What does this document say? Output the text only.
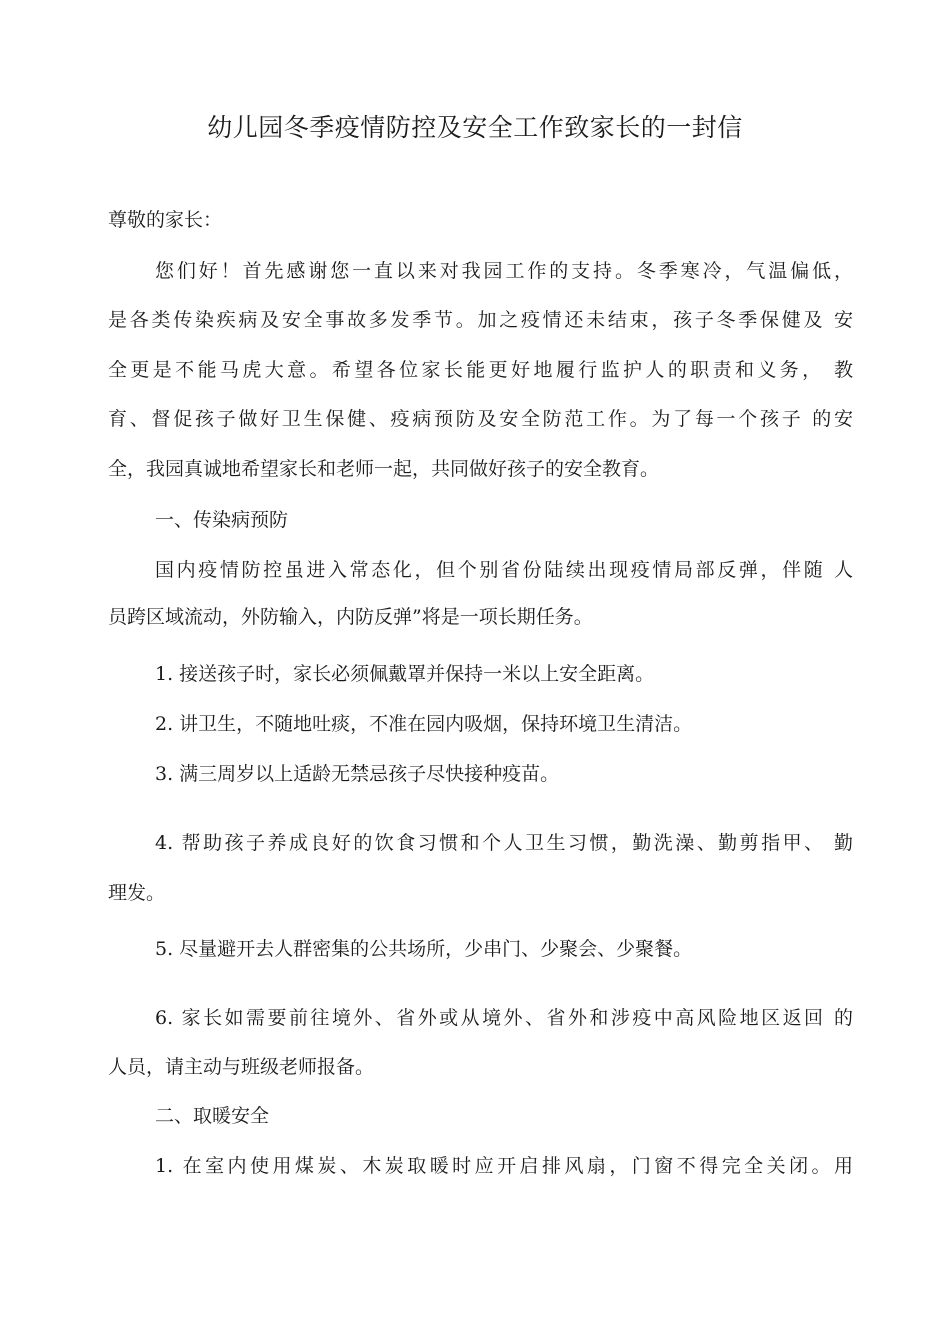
幼儿园冬季疫情防控及安全工作致家长的一封信
尊敬的家长：
您们好！首先感谢您一直以来对我园工作的支持。冬季寒冷，气温偏低，
是各类传染疾病及安全事故多发季节。加之疫情还未结束，孩子冬季保健及 安
全更是不能马虎大意。希望各位家长能更好地履行监护人的职责和义务， 教
育、督促孩子做好卫生保健、疫病预防及安全防范工作。为了每一个孩子 的安
全，我园真诚地希望家长和老师一起，共同做好孩子的安全教育。
一、传染病预防
国内疫情防控虽进入常态化，但个别省份陆续出现疫情局部反弹，伴随 人
员跨区域流动，外防输入，内防反弹”将是一项长期任务。
1. 接送孩子时，家长必须佩戴罩并保持一米以上安全距离。
2. 讲卫生，不随地吐痰，不准在园内吸烟，保持环境卫生清洁。
3. 满三周岁以上适龄无禁忌孩子尽快接种疫苗。
4. 帮助孩子养成良好的饮食习惯和个人卫生习惯，勤洗澡、勤剪指甲、 勤
理发。
5. 尽量避开去人群密集的公共场所，少串门、少聚会、少聚餐。
6. 家长如需要前往境外、省外或从境外、省外和涉疫中高风险地区返回 的
人员，请主动与班级老师报备。
二、取暖安全
1. 在室内使用煤炭、木炭取暖时应开启排风扇，门窗不得完全关闭。用
